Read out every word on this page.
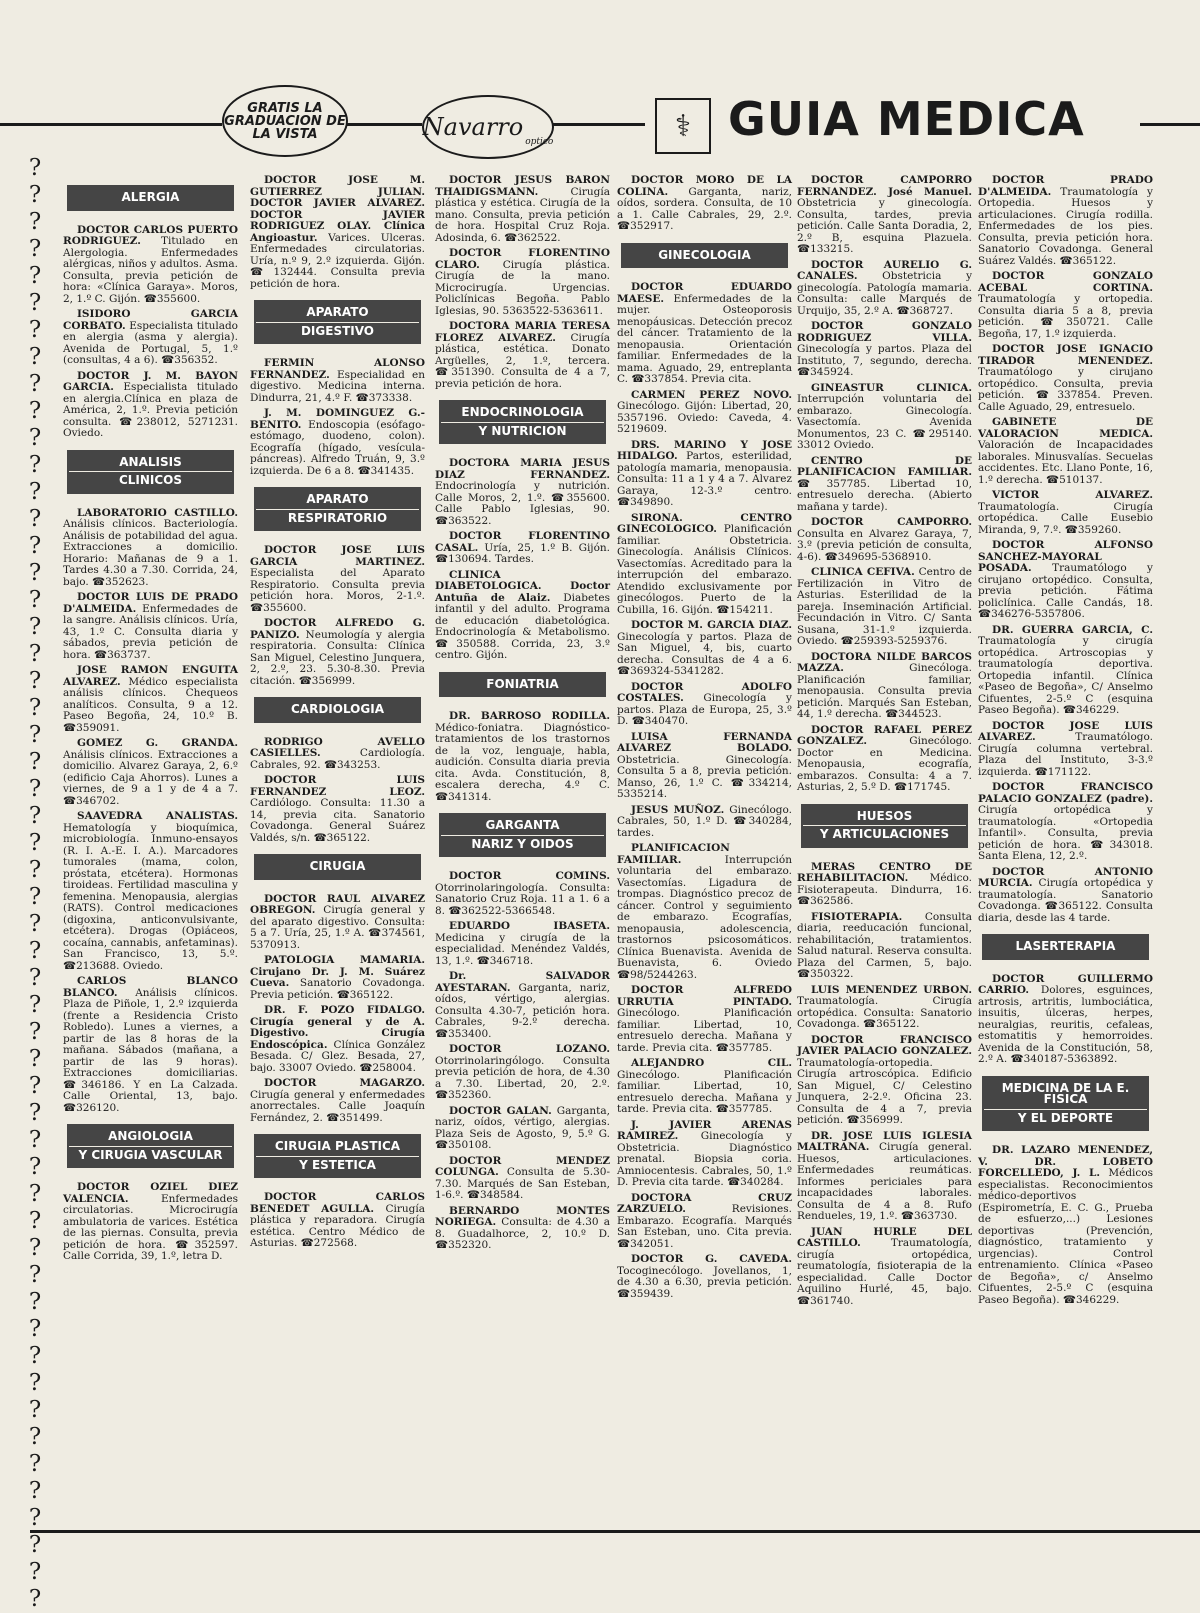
GRATIS LA GRADUACION DE LA VISTA	Navarro
optico	⚕ GUIA MEDICA
?
?
?
?
?
?
?
?
?
?
?
?
?
?
?
?
?
?
?
?
?
?
?
?
?
?
?
?
?
?
?
?
?
?
?
?
?
?
?
?
?
?
?
?
?
?
?
?
?
?
?
?
?
?
ALERGIA
DOCTOR CARLOS PUERTO RODRIGUEZ. Titulado en Alergologia. Enfermedades alérgicas, niños y adultos. Asma. Consulta, previa petición de hora: «Clínica Garaya». Moros, 2, 1.º C. Gijón. ☎355600.
ISIDORO GARCIA CORBATO. Especialista titulado en alergia (asma y alergia). Avenida de Portugal, 5, 1.º (consultas, 4 a 6). ☎356352.
DOCTOR J. M. BAYON GARCIA. Especialista titulado en alergia.Clínica en plaza de América, 2, 1.º. Previa petición consulta. ☎238012, 5271231. Oviedo.
ANALISIS
CLINICOS
LABORATORIO CASTILLO. Análisis clínicos. Bacteriología. Análisis de potabilidad del agua. Extracciones a domicilio. Horario: Mañanas de 9 a 1. Tardes 4.30 a 7.30. Corrida, 24, bajo. ☎352623.
DOCTOR LUIS DE PRADO D'ALMEIDA. Enfermedades de la sangre. Análisis clínicos. Uría, 43, 1.º C. Consulta diaria y sábados, previa petición de hora. ☎363737.
JOSE RAMON ENGUITA ALVAREZ. Médico especialista análisis clínicos. Chequeos analíticos. Consulta, 9 a 12. Paseo Begoña, 24, 10.º B. ☎359091.
GOMEZ G. GRANDA. Análisis clínicos. Extracciones a domicilio. Alvarez Garaya, 2, 6.º (edificio Caja Ahorros). Lunes a viernes, de 9 a 1 y de 4 a 7. ☎346702.
SAAVEDRA ANALISTAS. Hematología y bioquímica, microbiología. Inmuno-ensayos (R. I. A.-E. I. A.). Marcadores tumorales (mama, colon, próstata, etcétera). Hormonas tiroideas. Fertilidad masculina y femenina. Menopausia, alergias (RATS). Control medicaciones (digoxina, anticonvulsivante, etcétera). Drogas (Opiáceos, cocaína, cannabis, anfetaminas). San Francisco, 13, 5.º. ☎213688. Oviedo.
CARLOS BLANCO BLANCO. Análisis clínicos. Plaza de Piñole, 1, 2.º izquierda (frente a Residencia Cristo Robledo). Lunes a viernes, a partir de las 8 horas de la mañana. Sábados (mañana, a partir de las 9 horas). Extracciones domiciliarias. ☎346186. Y en La Calzada. Calle Oriental, 13, bajo. ☎326120.
ANGIOLOGIA
Y CIRUGIA VASCULAR
DOCTOR OZIEL DIEZ VALENCIA. Enfermedades circulatorias. Microcirugía ambulatoria de varices. Estética de las piernas. Consulta, previa petición de hora. ☎352597. Calle Corrida, 39, 1.º, letra D.
DOCTOR JOSE M. GUTIERREZ JULIAN. DOCTOR JAVIER ALVAREZ. DOCTOR JAVIER RODRIGUEZ OLAY. Clínica Angioastur. Varices. Ulceras. Enfermedades circulatorias. Uría, n.º 9, 2.º izquierda. Gijón. ☎132444. Consulta previa petición de hora.
APARATO
DIGESTIVO
FERMIN ALONSO FERNANDEZ. Especialidad en digestivo. Medicina interna. Dindurra, 21, 4.º F. ☎373338.
J. M. DOMINGUEZ G.- BENITO. Endoscopia (esófago-estómago, duodeno, colon). Ecografía (hígado, vesícula-páncreas). Alfredo Truán, 9, 3.º izquierda. De 6 a 8. ☎341435.
APARATO
RESPIRATORIO
DOCTOR JOSE LUIS GARCIA MARTINEZ. Especialista del Aparato Respiratorio. Consulta previa petición hora. Moros, 2-1.º. ☎355600.
DOCTOR ALFREDO G. PANIZO. Neumología y alergia respiratoria. Consulta: Clínica San Miguel, Celestino Junquera, 2, 2.º, 23. 5.30-8.30. Previa citación. ☎356999.
CARDIOLOGIA
RODRIGO AVELLO CASIELLES. Cardiología. Cabrales, 92. ☎343253.
DOCTOR LUIS FERNANDEZ LEOZ. Cardiólogo. Consulta: 11.30 a 14, previa cita. Sanatorio Covadonga. General Suárez Valdés, s/n. ☎365122.
CIRUGIA
DOCTOR RAUL ALVAREZ OBREGON. Cirugía general y del aparato digestivo. Consulta: 5 a 7. Uría, 25, 1.º A. ☎374561, 5370913.
PATOLOGIA MAMARIA. Cirujano Dr. J. M. Suárez Cueva. Sanatorio Covadonga. Previa petición. ☎365122.
DR. F. POZO FIDALGO. Cirugía general y de A. Digestivo. Cirugía Endoscópica. Clínica González Besada. C/ Glez. Besada, 27, bajo. 33007 Oviedo. ☎258004.
DOCTOR MAGARZO. Cirugía general y enfermedades anorrectales. Calle Joaquín Fernández, 2. ☎351499.
CIRUGIA PLASTICA
Y ESTETICA
DOCTOR CARLOS BENEDET AGULLA. Cirugía plástica y reparadora. Cirugía estética. Centro Médico de Asturias. ☎272568.
DOCTOR JESUS BARON THAIDIGSMANN. Cirugía plástica y estética. Cirugía de la mano. Consulta, previa petición de hora. Hospital Cruz Roja. Adosinda, 6. ☎362522.
DOCTOR FLORENTINO CLARO. Cirugía plástica. Cirugía de la mano. Microcirugía. Urgencias. Policlínicas Begoña. Pablo Iglesias, 90. 5363522-5363611.
DOCTORA MARIA TERESA FLOREZ ALVAREZ. Cirugía plástica, estética. Donato Argüelles, 2, 1.º, tercera. ☎351390. Consulta de 4 a 7, previa petición de hora.
ENDOCRINOLOGIA
Y NUTRICION
DOCTORA MARIA JESUS DIAZ FERNANDEZ. Endocrinología y nutrición. Calle Moros, 2, 1.º. ☎355600. Calle Pablo Iglesias, 90. ☎363522.
DOCTOR FLORENTINO CASAL. Uría, 25, 1.º B. Gijón. ☎130694. Tardes.
CLINICA DIABETOLOGICA. Doctor Antuña de Alaiz. Diabetes infantil y del adulto. Programa de educación diabetológica. Endocrinología & Metabolismo. ☎350588. Corrida, 23, 3.º centro. Gijón.
FONIATRIA
DR. BARROSO RODILLA. Médico-foniatra. Diagnóstico-tratamientos de los trastornos de la voz, lenguaje, habla, audición. Consulta diaria previa cita. Avda. Constitución, 8, escalera derecha, 4.º C. ☎341314.
GARGANTA
NARIZ Y OIDOS
DOCTOR COMINS. Otorrinolaringología. Consulta: Sanatorio Cruz Roja. 11 a 1. 6 a 8. ☎362522-5366548.
EDUARDO IBASETA. Medicina y cirugía de la especialidad. Menéndez Valdés, 13, 1.º. ☎346718.
Dr. SALVADOR AYESTARAN. Garganta, nariz, oídos, vértigo, alergias. Consulta 4.30-7, petición hora. Cabrales, 9-2.º derecha. ☎353400.
DOCTOR LOZANO. Otorrinolaringólogo. Consulta previa petición de hora, de 4.30 a 7.30. Libertad, 20, 2.º. ☎352360.
DOCTOR GALAN. Garganta, nariz, oídos, vértigo, alergias. Plaza Seis de Agosto, 9, 5.º G. ☎350108.
DOCTOR MENDEZ COLUNGA. Consulta de 5.30-7.30. Marqués de San Esteban, 1-6.º. ☎348584.
BERNARDO MONTES NORIEGA. Consulta: de 4.30 a 8. Guadalhorce, 2, 10.º D. ☎352320.
DOCTOR MORO DE LA COLINA. Garganta, nariz, oídos, sordera. Consulta, de 10 a 1. Calle Cabrales, 29, 2.º. ☎352917.
GINECOLOGIA
DOCTOR EDUARDO MAESE. Enfermedades de la mujer. Osteoporosis menopáusicas. Detección precoz del cáncer. Tratamiento de la menopausia. Orientación familiar. Enfermedades de la mama. Aguado, 29, entreplanta C. ☎337854. Previa cita.
CARMEN PEREZ NOVO. Ginecólogo. Gijón: Libertad, 20, 5357196. Oviedo: Caveda, 4. 5219609.
DRS. MARINO Y JOSE HIDALGO. Partos, esterilidad, patología mamaria, menopausia. Consulta: 11 a 1 y 4 a 7. Alvarez Garaya, 12-3.º centro. ☎349890.
SIRONA. CENTRO GINECOLOGICO. Planificación familiar. Obstetricia. Ginecología. Análisis Clínicos. Vasectomías. Acreditado para la interrupción del embarazo. Atendido exclusivamente por ginecólogos. Puerto de la Cubilla, 16. Gijón. ☎154211.
DOCTOR M. GARCIA DIAZ. Ginecología y partos. Plaza de San Miguel, 4, bis, cuarto derecha. Consultas de 4 a 6. ☎369324-5341282.
DOCTOR ADOLFO COSTALES. Ginecología y partos. Plaza de Europa, 25, 3.º D. ☎340470.
LUISA FERNANDA ALVAREZ BOLADO. Obstetricia. Ginecología. Consulta 5 a 8, previa petición. Manso, 26, 1.º C. ☎334214, 5335214.
JESUS MUÑOZ. Ginecólogo. Cabrales, 50, 1.º D. ☎340284, tardes.
PLANIFICACION FAMILIAR. Interrupción voluntaria del embarazo. Vasectomías. Ligadura de trompas. Diagnóstico precoz de cáncer. Control y seguimiento de embarazo. Ecografías, menopausia, adolescencia, trastornos psicosomáticos. Clínica Buenavista. Avenida de Buenavista, 6. Oviedo ☎98/5244263.
DOCTOR ALFREDO URRUTIA PINTADO. Ginecólogo. Planificación familiar. Libertad, 10, entresuelo derecha. Mañana y tarde. Previa cita. ☎357785.
ALEJANDRO CIL. Ginecólogo. Planificación familiar. Libertad, 10, entresuelo derecha. Mañana y tarde. Previa cita. ☎357785.
J. JAVIER ARENAS RAMIREZ. Ginecología y Obstetricia. Diagnóstico prenatal. Biopsia coria. Amniocentesis. Cabrales, 50, 1.º D. Previa cita tarde. ☎340284.
DOCTORA CRUZ ZARZUELO. Revisiones. Embarazo. Ecografía. Marqués San Esteban, uno. Cita previa. ☎342051.
DOCTOR G. CAVEDA. Tocoginecólogo. Jovellanos, 1, de 4.30 a 6.30, previa petición. ☎359439.
DOCTOR CAMPORRO FERNANDEZ. José Manuel. Obstetricia y ginecología. Consulta, tardes, previa petición. Calle Santa Doradia, 2, 2.º B, esquina Plazuela. ☎133215.
DOCTOR AURELIO G. CANALES. Obstetricia y ginecología. Patología mamaria. Consulta: calle Marqués de Urquijo, 35, 2.º A. ☎368727.
DOCTOR GONZALO RODRIGUEZ VILLA. Ginecología y partos. Plaza del Instituto, 7, segundo, derecha. ☎345924.
GINEASTUR CLINICA. Interrupción voluntaria del embarazo. Ginecología. Vasectomía. Avenida Monumentos, 23 C. ☎295140. 33012 Oviedo.
CENTRO DE PLANIFICACION FAMILIAR. ☎357785. Libertad 10, entresuelo derecha. (Abierto mañana y tarde).
DOCTOR CAMPORRO. Consulta en Alvarez Garaya, 7, 3.º (previa petición de consulta, 4-6). ☎349695-5368910.
CLINICA CEFIVA. Centro de Fertilización in Vitro de Asturias. Esterilidad de la pareja. Inseminación Artificial. Fecundación in Vitro. C/ Santa Susana, 31-1.º izquierda. Oviedo. ☎259393-5259376.
DOCTORA NILDE BARCOS MAZZA. Ginecóloga. Planificación familiar, menopausia. Consulta previa petición. Marqués San Esteban, 44, 1.º derecha. ☎344523.
DOCTOR RAFAEL PEREZ GONZALEZ. Ginecólogo. Doctor en Medicina. Menopausia, ecografía, embarazos. Consulta: 4 a 7. Asturias, 2, 5.º D. ☎171745.
HUESOS
Y ARTICULACIONES
MERAS CENTRO DE REHABILITACION. Médico. Fisioterapeuta. Dindurra, 16. ☎362586.
FISIOTERAPIA. Consulta diaria, reeducación funcional, rehabilitación, tratamientos. Salud natural. Reserva consulta. Plaza del Carmen, 5, bajo. ☎350322.
LUIS MENENDEZ URBON. Traumatología. Cirugía ortopédica. Consulta: Sanatorio Covadonga. ☎365122.
DOCTOR FRANCISCO JAVIER PALACIO GONZALEZ. Traumatología-ortopedia. Cirugía artroscópica. Edificio San Miguel, C/ Celestino Junquera, 2-2.º. Oficina 23. Consulta de 4 a 7, previa petición. ☎356999.
DR. JOSE LUIS IGLESIA MALTRANA. Cirugía general. Huesos, articulaciones. Enfermedades reumáticas. Informes periciales para incapacidades laborales. Consulta de 4 a 8. Rufo Rendueles, 19, 1.º. ☎363730.
JUAN HURLE DEL CASTILLO. Traumatología, cirugía ortopédica, reumatología, fisioterapia de la especialidad. Calle Doctor Aquilino Hurlé, 45, bajo. ☎361740.
DOCTOR PRADO D'ALMEIDA. Traumatología y Ortopedia. Huesos y articulaciones. Cirugía rodilla. Enfermedades de los pies. Consulta, previa petición hora. Sanatorio Covadonga. General Suárez Valdés. ☎365122.
DOCTOR GONZALO ACEBAL CORTINA. Traumatología y ortopedia. Consulta diaria 5 a 8, previa petición. ☎350721. Calle Begoña, 17, 1.º izquierda.
DOCTOR JOSE IGNACIO TIRADOR MENENDEZ. Traumatólogo y cirujano ortopédico. Consulta, previa petición. ☎337854. Preven. Calle Aguado, 29, entresuelo.
GABINETE DE VALORACION MEDICA. Valoración de Incapacidades laborales. Minusvalías. Secuelas accidentes. Etc. Llano Ponte, 16, 1.º derecha. ☎510137.
VICTOR ALVAREZ. Traumatología. Cirugía ortopédica. Calle Eusebio Miranda, 9, 7.º. ☎359260.
DOCTOR ALFONSO SANCHEZ-MAYORAL POSADA. Traumatólogo y cirujano ortopédico. Consulta, previa petición. Fátima policlínica. Calle Candás, 18. ☎346276-5357806.
DR. GUERRA GARCIA, C. Traumatología y cirugía ortopédica. Artroscopias y traumatología deportiva. Ortopedia infantil. Clínica «Paseo de Begoña», C/ Anselmo Cifuentes, 2-5.º C (esquina Paseo Begoña). ☎346229.
DOCTOR JOSE LUIS ALVAREZ. Traumatólogo. Cirugía columna vertebral. Plaza del Instituto, 3-3.º izquierda. ☎171122.
DOCTOR FRANCISCO PALACIO GONZALEZ (padre). Cirugía ortopédica y traumatología. «Ortopedia Infantil». Consulta, previa petición de hora. ☎343018. Santa Elena, 12, 2.º.
DOCTOR ANTONIO MURCIA. Cirugía ortopédica y traumatología. Sanatorio Covadonga. ☎365122. Consulta diaria, desde las 4 tarde.
LASERTERAPIA
DOCTOR GUILLERMO CARRIO. Dolores, esguinces, artrosis, artritis, lumbociática, insuitis, úlceras, herpes, neuralgias, reuritis, cefaleas, estomatitis y hemorroides. Avenida de la Constitución, 58, 2.º A. ☎340187-5363892.
MEDICINA DE LA E. FISICA
Y EL DEPORTE
DR. LAZARO MENENDEZ, V. DR. LOBETO FORCELLEDO, J. L. Médicos especialistas. Reconocimientos médico-deportivos (Espirometría, E. C. G., Prueba de esfuerzo,...) Lesiones deportivas (Prevención, diagnóstico, tratamiento y urgencias). Control entrenamiento. Clínica «Paseo de Begoña», c/ Anselmo Cifuentes, 2-5.º C (esquina Paseo Begoña). ☎346229.
